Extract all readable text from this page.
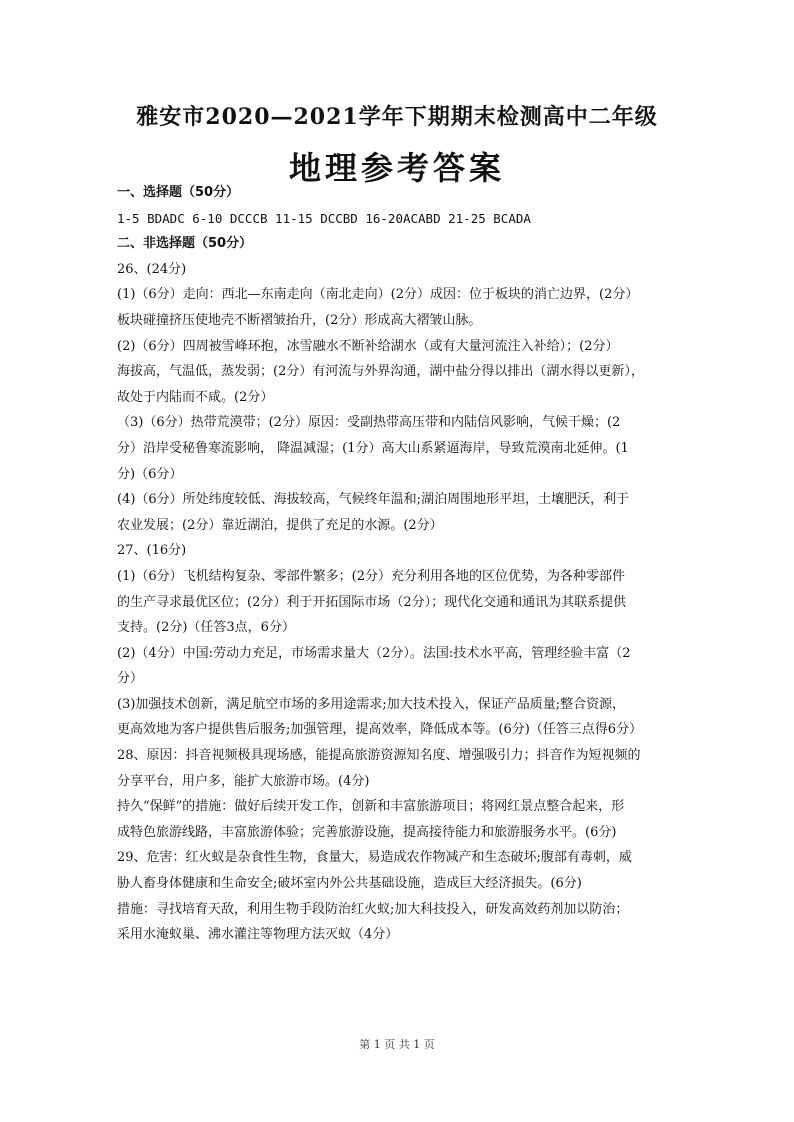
雅安市2020—2021学年下期期末检测高中二年级
地理参考答案
一、选择题（50分）
1-5 BDADC 6-10 DCCCB 11-15 DCCBD 16-20ACABD 21-25 BCADA
二、非选择题（50分）
26、(24分)
(1)（6分）走向：西北—东南走向（南北走向）(2分）成因：位于板块的消亡边界，(2分）
板块碰撞挤压使地壳不断褶皱抬升，(2分）形成高大褶皱山脉。
(2)（6分）四周被雪峰环抱，冰雪融水不断补给湖水（或有大量河流注入补给）；(2分）
海拔高，气温低，蒸发弱；(2分）有河流与外界沟通，湖中盐分得以排出（湖水得以更新），
故处于内陆而不咸。(2分）
（3)（6分）热带荒漠带；(2分）原因：受副热带高压带和内陆信风影响，气候干燥；(2
分）沿岸受秘鲁寒流影响， 降温减湿；(1分）高大山系紧逼海岸，导致荒漠南北延伸。(1
分)（6分）
(4)（6分）所处纬度较低、海拔较高，气候终年温和;湖泊周围地形平坦，土壤肥沃，利于
农业发展；(2分）靠近湖泊，提供了充足的水源。(2分）
27、(16分)
(1)（6分）飞机结构复杂、零部件繁多；(2分）充分利用各地的区位优势，为各种零部件
的生产寻求最优区位；(2分）利于开拓国际市场（2分）；现代化交通和通讯为其联系提供
支持。(2分)（任答3点，6分）
(2)（4分）中国:劳动力充足，市场需求量大（2分）。法国:技术水平高，管理经验丰富（2
分）
(3)加强技术创新，满足航空市场的多用途需求;加大技术投入，保证产品质量;整合资源，
更高效地为客户提供售后服务;加强管理，提高效率，降低成本等。(6分)（任答三点得6分）
28、原因：抖音视频极具现场感，能提高旅游资源知名度、增强吸引力；抖音作为短视频的
分享平台，用户多，能扩大旅游市场。(4分)
持久“保鲜”的措施：做好后续开发工作，创新和丰富旅游项目；将网红景点整合起来，形
成特色旅游线路，丰富旅游体验；完善旅游设施，提高接待能力和旅游服务水平。(6分)
29、危害：红火蚁是杂食性生物，食量大，易造成农作物减产和生态破坏;腹部有毒刺，威
胁人畜身体健康和生命安全;破坏室内外公共基础设施，造成巨大经济损失。(6分)
措施：寻找培育天敌，利用生物手段防治红火蚁;加大科技投入，研发高效药剂加以防治；
采用水淹蚁巢、沸水灌注等物理方法灭蚁（4分）
第 1 页 共 1 页
